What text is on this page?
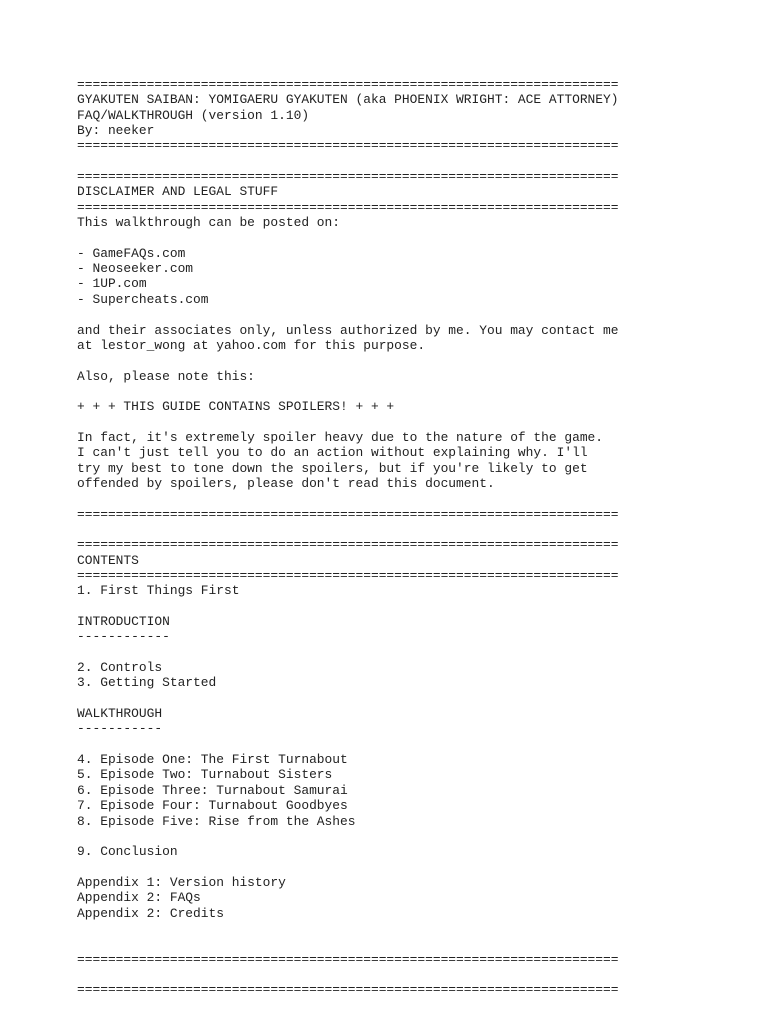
======================================================================
GYAKUTEN SAIBAN: YOMIGAERU GYAKUTEN (aka PHOENIX WRIGHT: ACE ATTORNEY)
FAQ/WALKTHROUGH (version 1.10)
By: neeker
======================================================================
======================================================================
DISCLAIMER AND LEGAL STUFF
======================================================================
This walkthrough can be posted on:
- GameFAQs.com
- Neoseeker.com
- 1UP.com
- Supercheats.com
and their associates only, unless authorized by me. You may contact me
at lestor_wong at yahoo.com for this purpose.
Also, please note this:
+ + + THIS GUIDE CONTAINS SPOILERS! + + +
In fact, it's extremely spoiler heavy due to the nature of the game.
I can't just tell you to do an action without explaining why. I'll
try my best to tone down the spoilers, but if you're likely to get
offended by spoilers, please don't read this document.
======================================================================
======================================================================
CONTENTS
======================================================================
1. First Things First
INTRODUCTION
------------
2. Controls
3. Getting Started
WALKTHROUGH
-----------
4. Episode One: The First Turnabout
5. Episode Two: Turnabout Sisters
6. Episode Three: Turnabout Samurai
7. Episode Four: Turnabout Goodbyes
8. Episode Five: Rise from the Ashes
9. Conclusion
Appendix 1: Version history
Appendix 2: FAQs
Appendix 2: Credits
======================================================================
======================================================================
